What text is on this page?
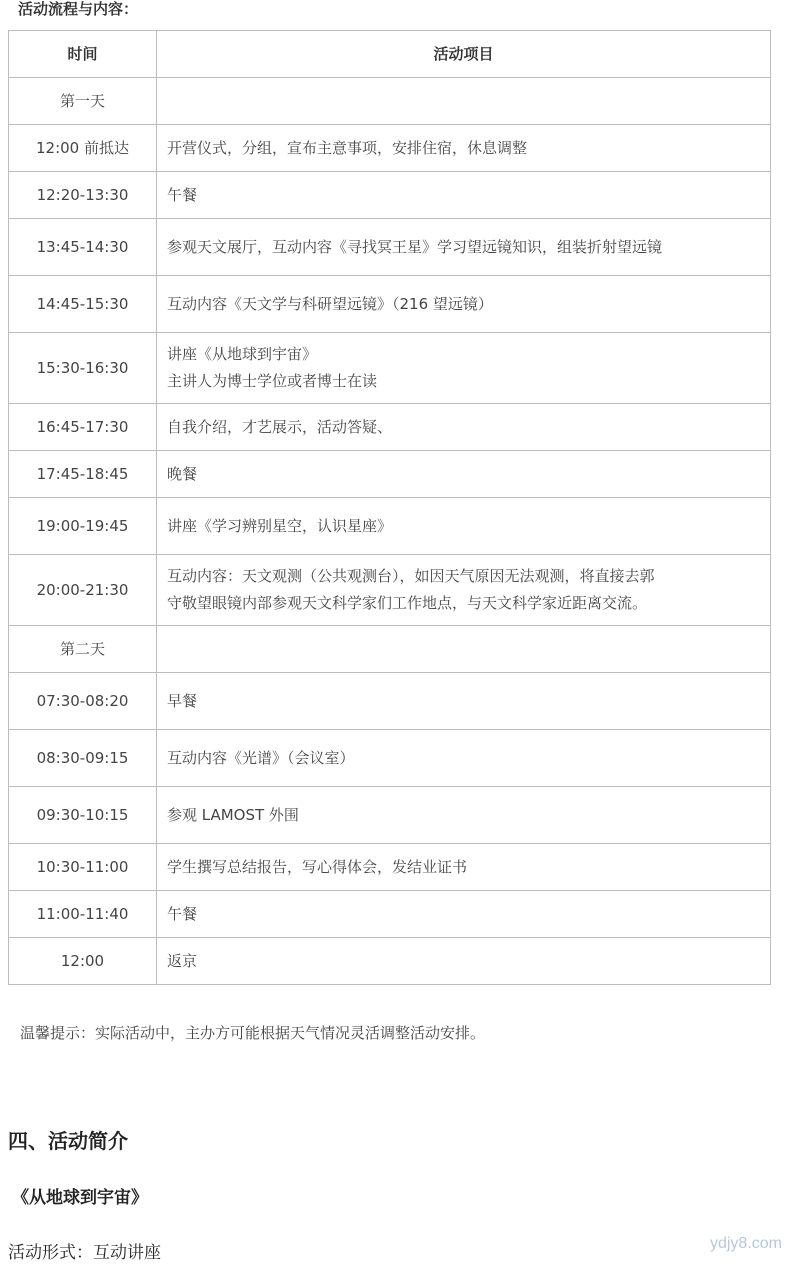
活动流程与内容：
时间	活动项目
第一天	

12:00 前抵达	开营仪式，分组，宣布主意事项，安排住宿，休息调整

12:20-13:30	午餐

13:45-14:30	参观天文展厅，互动内容《寻找冥王星》学习望远镜知识，组装折射望远镜

14:45-15:30	互动内容《天文学与科研望远镜》（216 望远镜）

15:30-16:30	讲座《从地球到宇宙》
主讲人为博士学位或者博士在读

16:45-17:30	自我介绍，才艺展示，活动答疑、

17:45-18:45	晚餐

19:00-19:45	讲座《学习辨别星空，认识星座》

20:00-21:30	互动内容：天文观测（公共观测台），如因天气原因无法观测，将直接去郭
守敬望眼镜内部参观天文科学家们工作地点，与天文科学家近距离交流。

第二天	

07:30-08:20	早餐

08:30-09:15	互动内容《光谱》（会议室）

09:30-10:15	参观 LAMOST 外围

10:30-11:00	学生撰写总结报告，写心得体会，发结业证书

11:00-11:40	午餐

12:00	返京
温馨提示：实际活动中，主办方可能根据天气情况灵活调整活动安排。
四、活动简介
《从地球到宇宙》
活动形式：互动讲座	ydjy8.com
